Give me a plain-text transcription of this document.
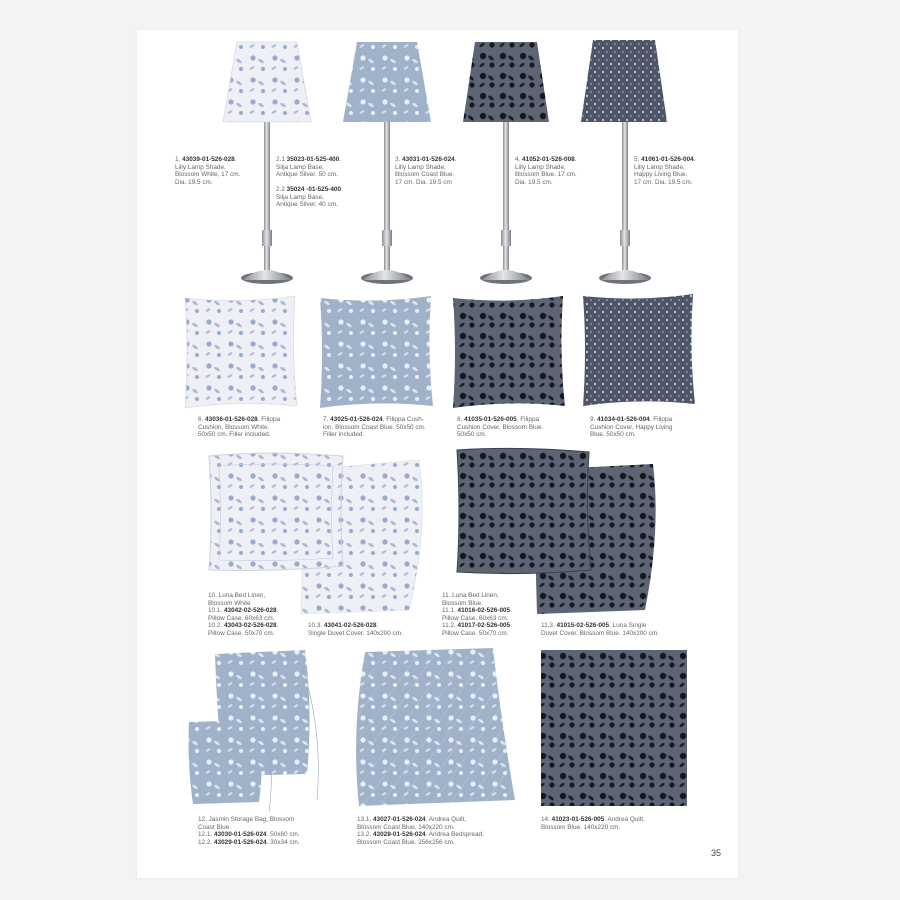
1. 43039-01-526-028.
Lilly Lamp Shade,
Blossom White, 17 cm.
Dia. 19.5 cm.
2.1 35023-01-525-400.
Silja Lamp Base,
Antique Silver. 50 cm.
2.2 35024 -01-525-400.
Silja Lamp Base,
Antique Silver. 40 cm.
3. 43031-01-526-024.
Lilly Lamp Shade,
Blossom Coast Blue.
17 cm. Dia. 19.5 cm
4. 41052-01-526-008.
Lilly Lamp Shade,
Blossom Blue. 17 cm.
Dia. 19.5 cm.
5. 41061-01-526-004.
Lilly Lamp Shade,
Happy Living Blue.
17 cm. Dia. 19.5 cm.
6. 43036-01-526-028. Filippa
Cushion, Blossom White.
50x50 cm. Filler included.
7. 43025-01-526-024. Filippa Cush-
ion, Blossom Coast Blue. 50x50 cm.
Filler included.
8. 41035-01-526-005. Filippa
Cushion Cover, Blossom Blue.
50x50 cm.
9. 41034-01-526-004. Filippa
Cushion Cover, Happy Living
Blue. 50x50 cm.
10. Luna Bed Linen,
Blossom White
10.1. 43042-02-526-028.
Pillow Case. 60x63 cm.
10.2. 43043-02-526-028.
Pillow Case. 50x70 cm.
10.3. 43041-02-526-028.
Single Duvet Cover. 140x200 cm.
11. Luna Bed Linen,
Blossom Blue.
11.1. 41016-02-526-005.
Pillow Case. 60x63 cm.
11.2. 41017-02-526-005.
Pillow Case. 50x70 cm.
11.3. 41015-02-526-005. Luna Single
Duvet Cover, Blossom Blue. 140x200 cm.
12. Jasmin Storage Bag, Blossom
Coast Blue.
12.1. 43030-01-526-024. 50x60 cm.
12.2. 43029-01-526-024. 30x34 cm.
13.1. 43027-01-526-024. Andrea Quilt,
Blossom Coast Blue. 140x220 cm.
13.2. 43028-01-526-024. Andrea Bedspread,
Blossom Coast Blue. 256x256 cm.
14. 41023-01-526-005. Andrea Quilt,
Blossom Blue. 140x220 cm.
35
